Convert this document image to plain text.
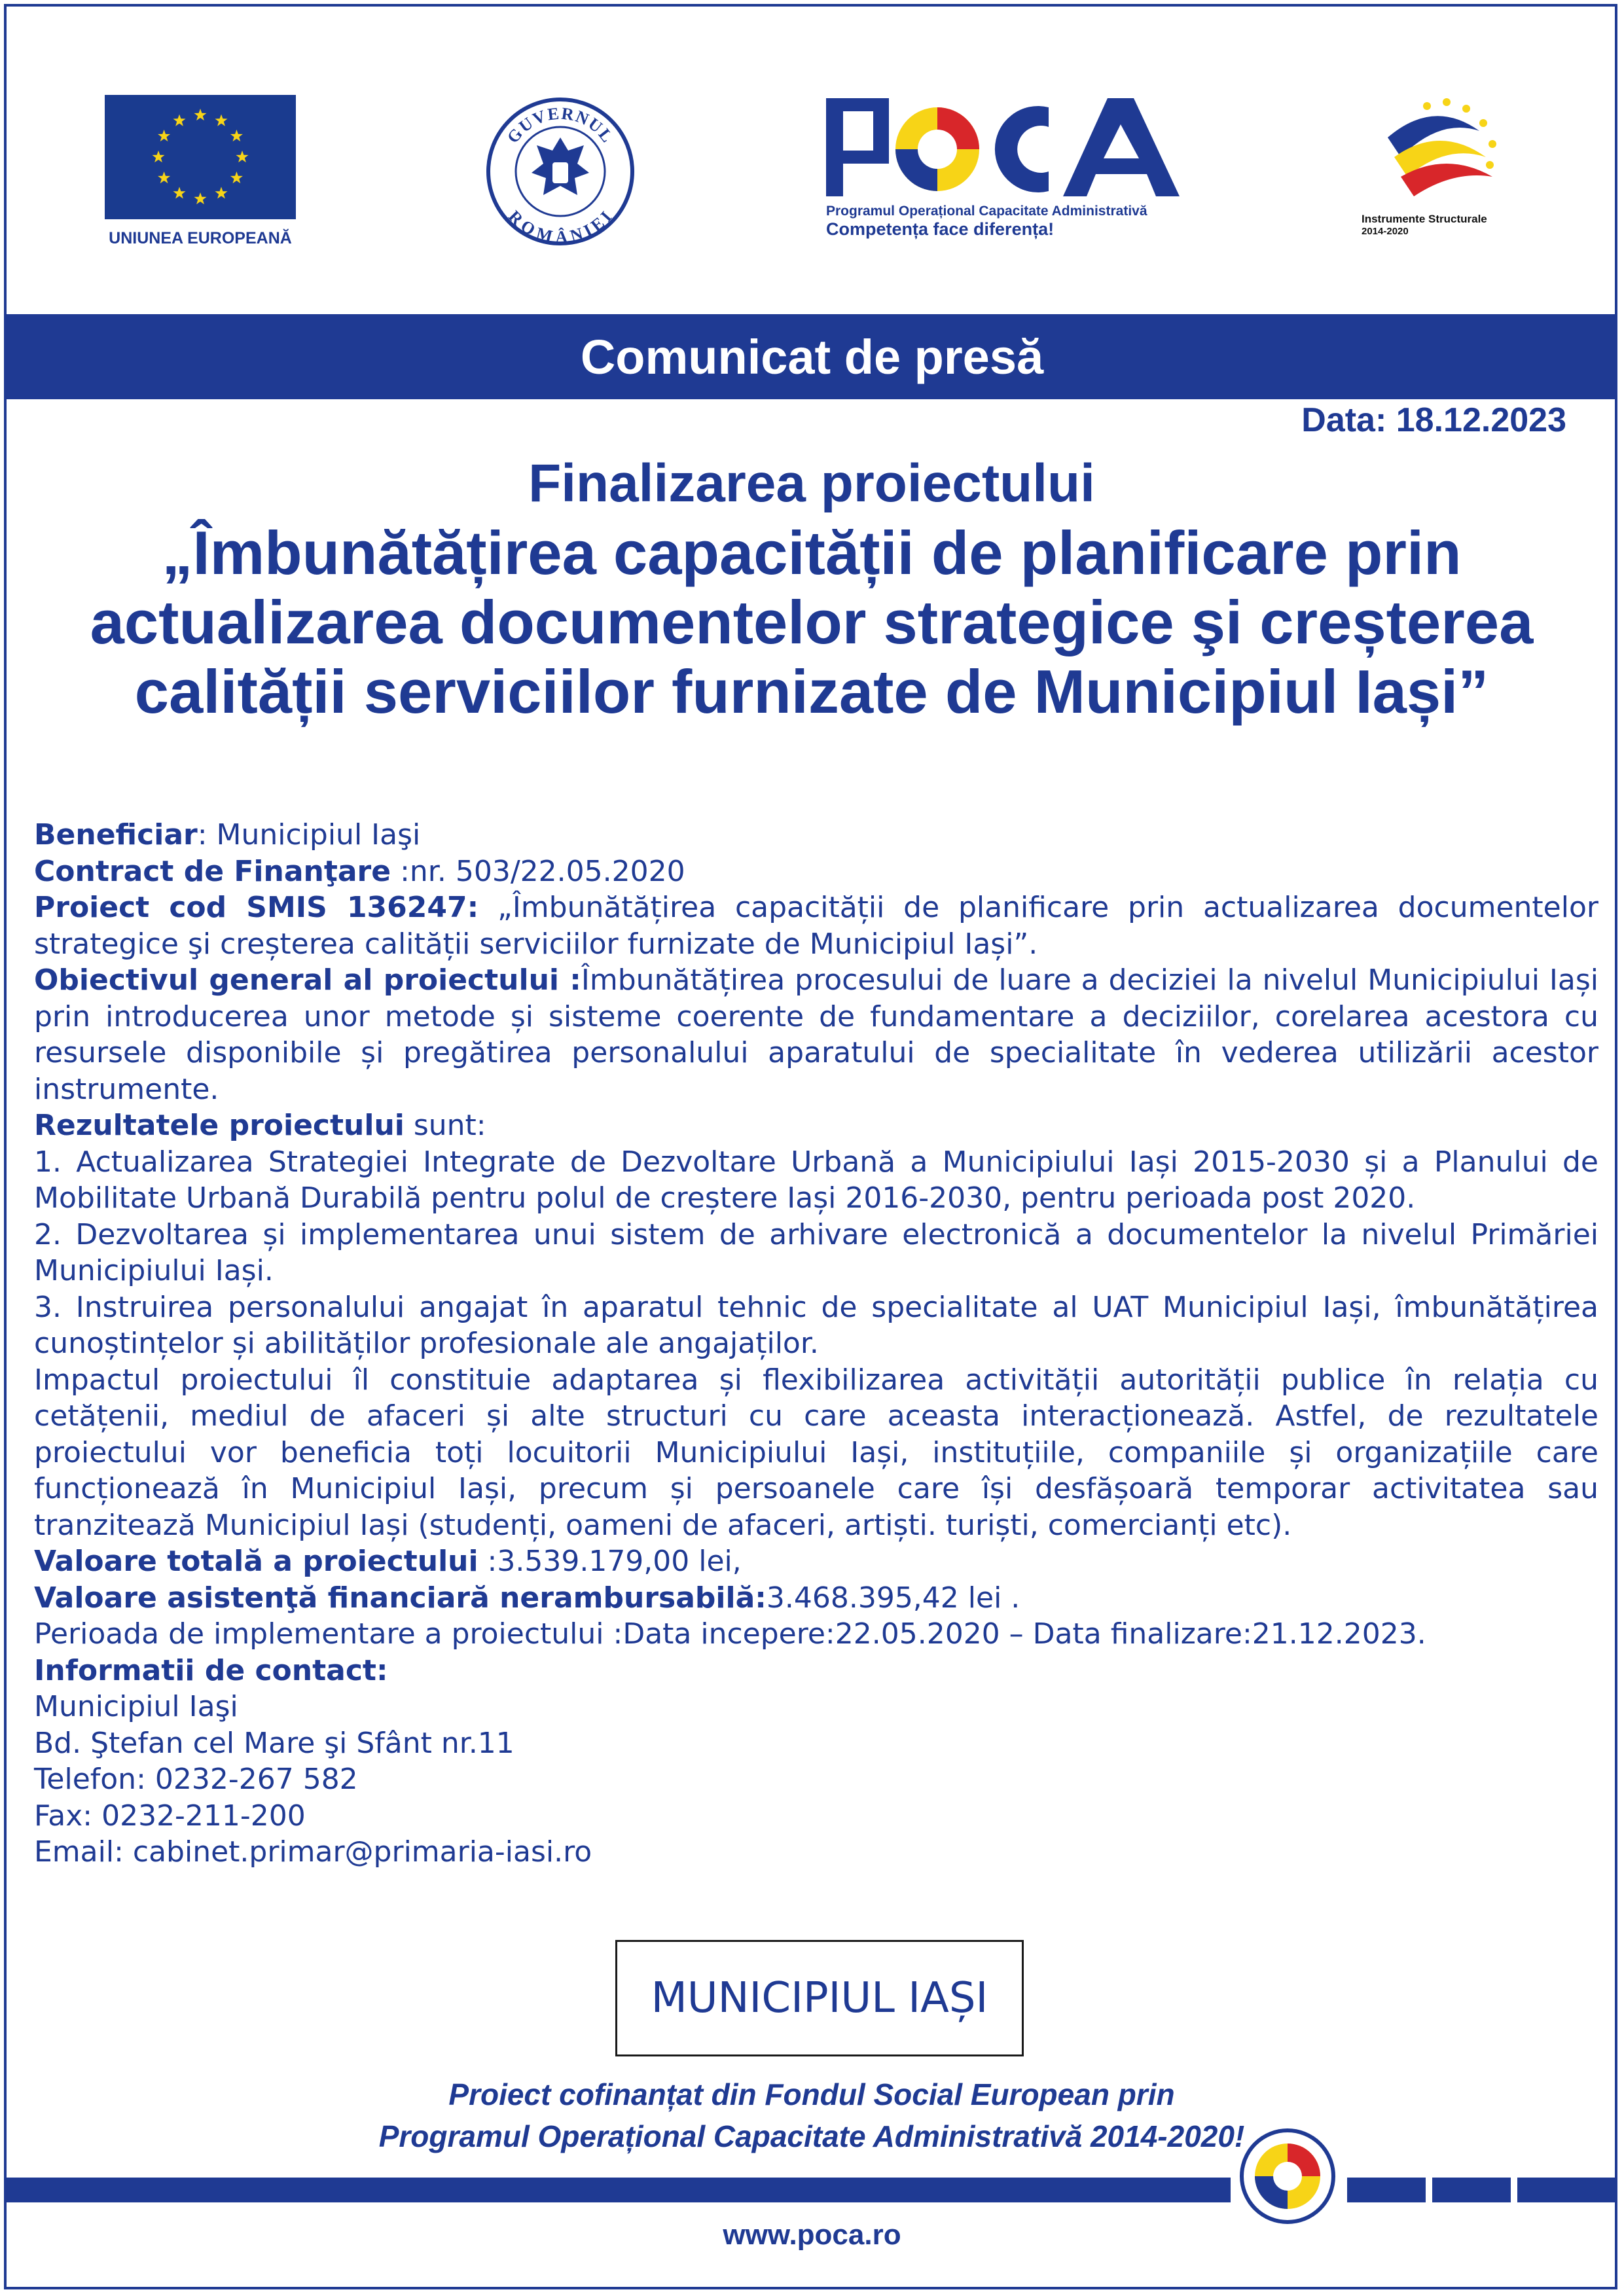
UNIUNEA EUROPEANĂ
GUVERNUL
ROMÂNIEI	Programul Operațional Capacitate Administrativă
Competența face diferența!
Instrumente Structurale
2014-2020
Comunicat de presă
Data: 18.12.2023
Finalizarea proiectului
„Îmbunătățirea capacității de planificare prin
actualizarea documentelor strategice şi creșterea
calității serviciilor furnizate de Municipiul Iași”

Beneficiar: Municipiul Iaşi

Contract de Finanţare :nr. 503/22.05.2020

Proiect cod SMIS 136247: „Îmbunătățirea capacității de planificare prin actualizarea documentelor strategice şi creșterea calității serviciilor furnizate de Municipiul Iași”.

Obiectivul general al proiectului :Îmbunătățirea procesului de luare a deciziei la nivelul Municipiului Iași prin introducerea unor metode și sisteme coerente de fundamentare a deciziilor, corelarea acestora cu resursele disponibile și pregătirea personalului aparatului de specialitate în vederea utilizării acestor instrumente.

Rezultatele proiectului sunt:

1. Actualizarea Strategiei Integrate de Dezvoltare Urbană a Municipiului Iași 2015-2030 și a Planului de Mobilitate Urbană Durabilă pentru polul de creștere Iași 2016-2030, pentru perioada post 2020.

2. Dezvoltarea și implementarea unui sistem de arhivare electronică a documentelor la nivelul Primăriei Municipiului Iași.

3. Instruirea personalului angajat în aparatul tehnic de specialitate al UAT Municipiul Iași, îmbunătățirea cunoștințelor și abilităților profesionale ale angajaților.

Impactul proiectului îl constituie adaptarea și flexibilizarea activității autorității publice în relația cu cetățenii, mediul de afaceri și alte structuri cu care aceasta interacționează. Astfel, de rezultatele proiectului vor beneficia toți locuitorii Municipiului Iași, instituțiile, companiile și organizațiile care funcționează în Municipiul Iași, precum și persoanele care își desfășoară temporar activitatea sau tranzitează Municipiul Iași (studenți, oameni de afaceri, artiști. turiști, comercianți etc).

Valoare totală a proiectului :3.539.179,00 lei,

Valoare asistenţă financiară nerambursabilă:3.468.395,42 lei .

Perioada de implementare a proiectului :Data incepere:22.05.2020 – Data finalizare:21.12.2023.

Informatii de contact:

Municipiul Iaşi

Bd. Ştefan cel Mare şi Sfânt nr.11

Telefon: 0232-267 582

Fax: 0232-211-200

Email: cabinet.primar@primaria-iasi.ro

MUNICIPIUL IAȘI
Proiect cofinanțat din Fondul Social European prin
Programul Operațional Capacitate Administrativă 2014-2020!
www.poca.ro
